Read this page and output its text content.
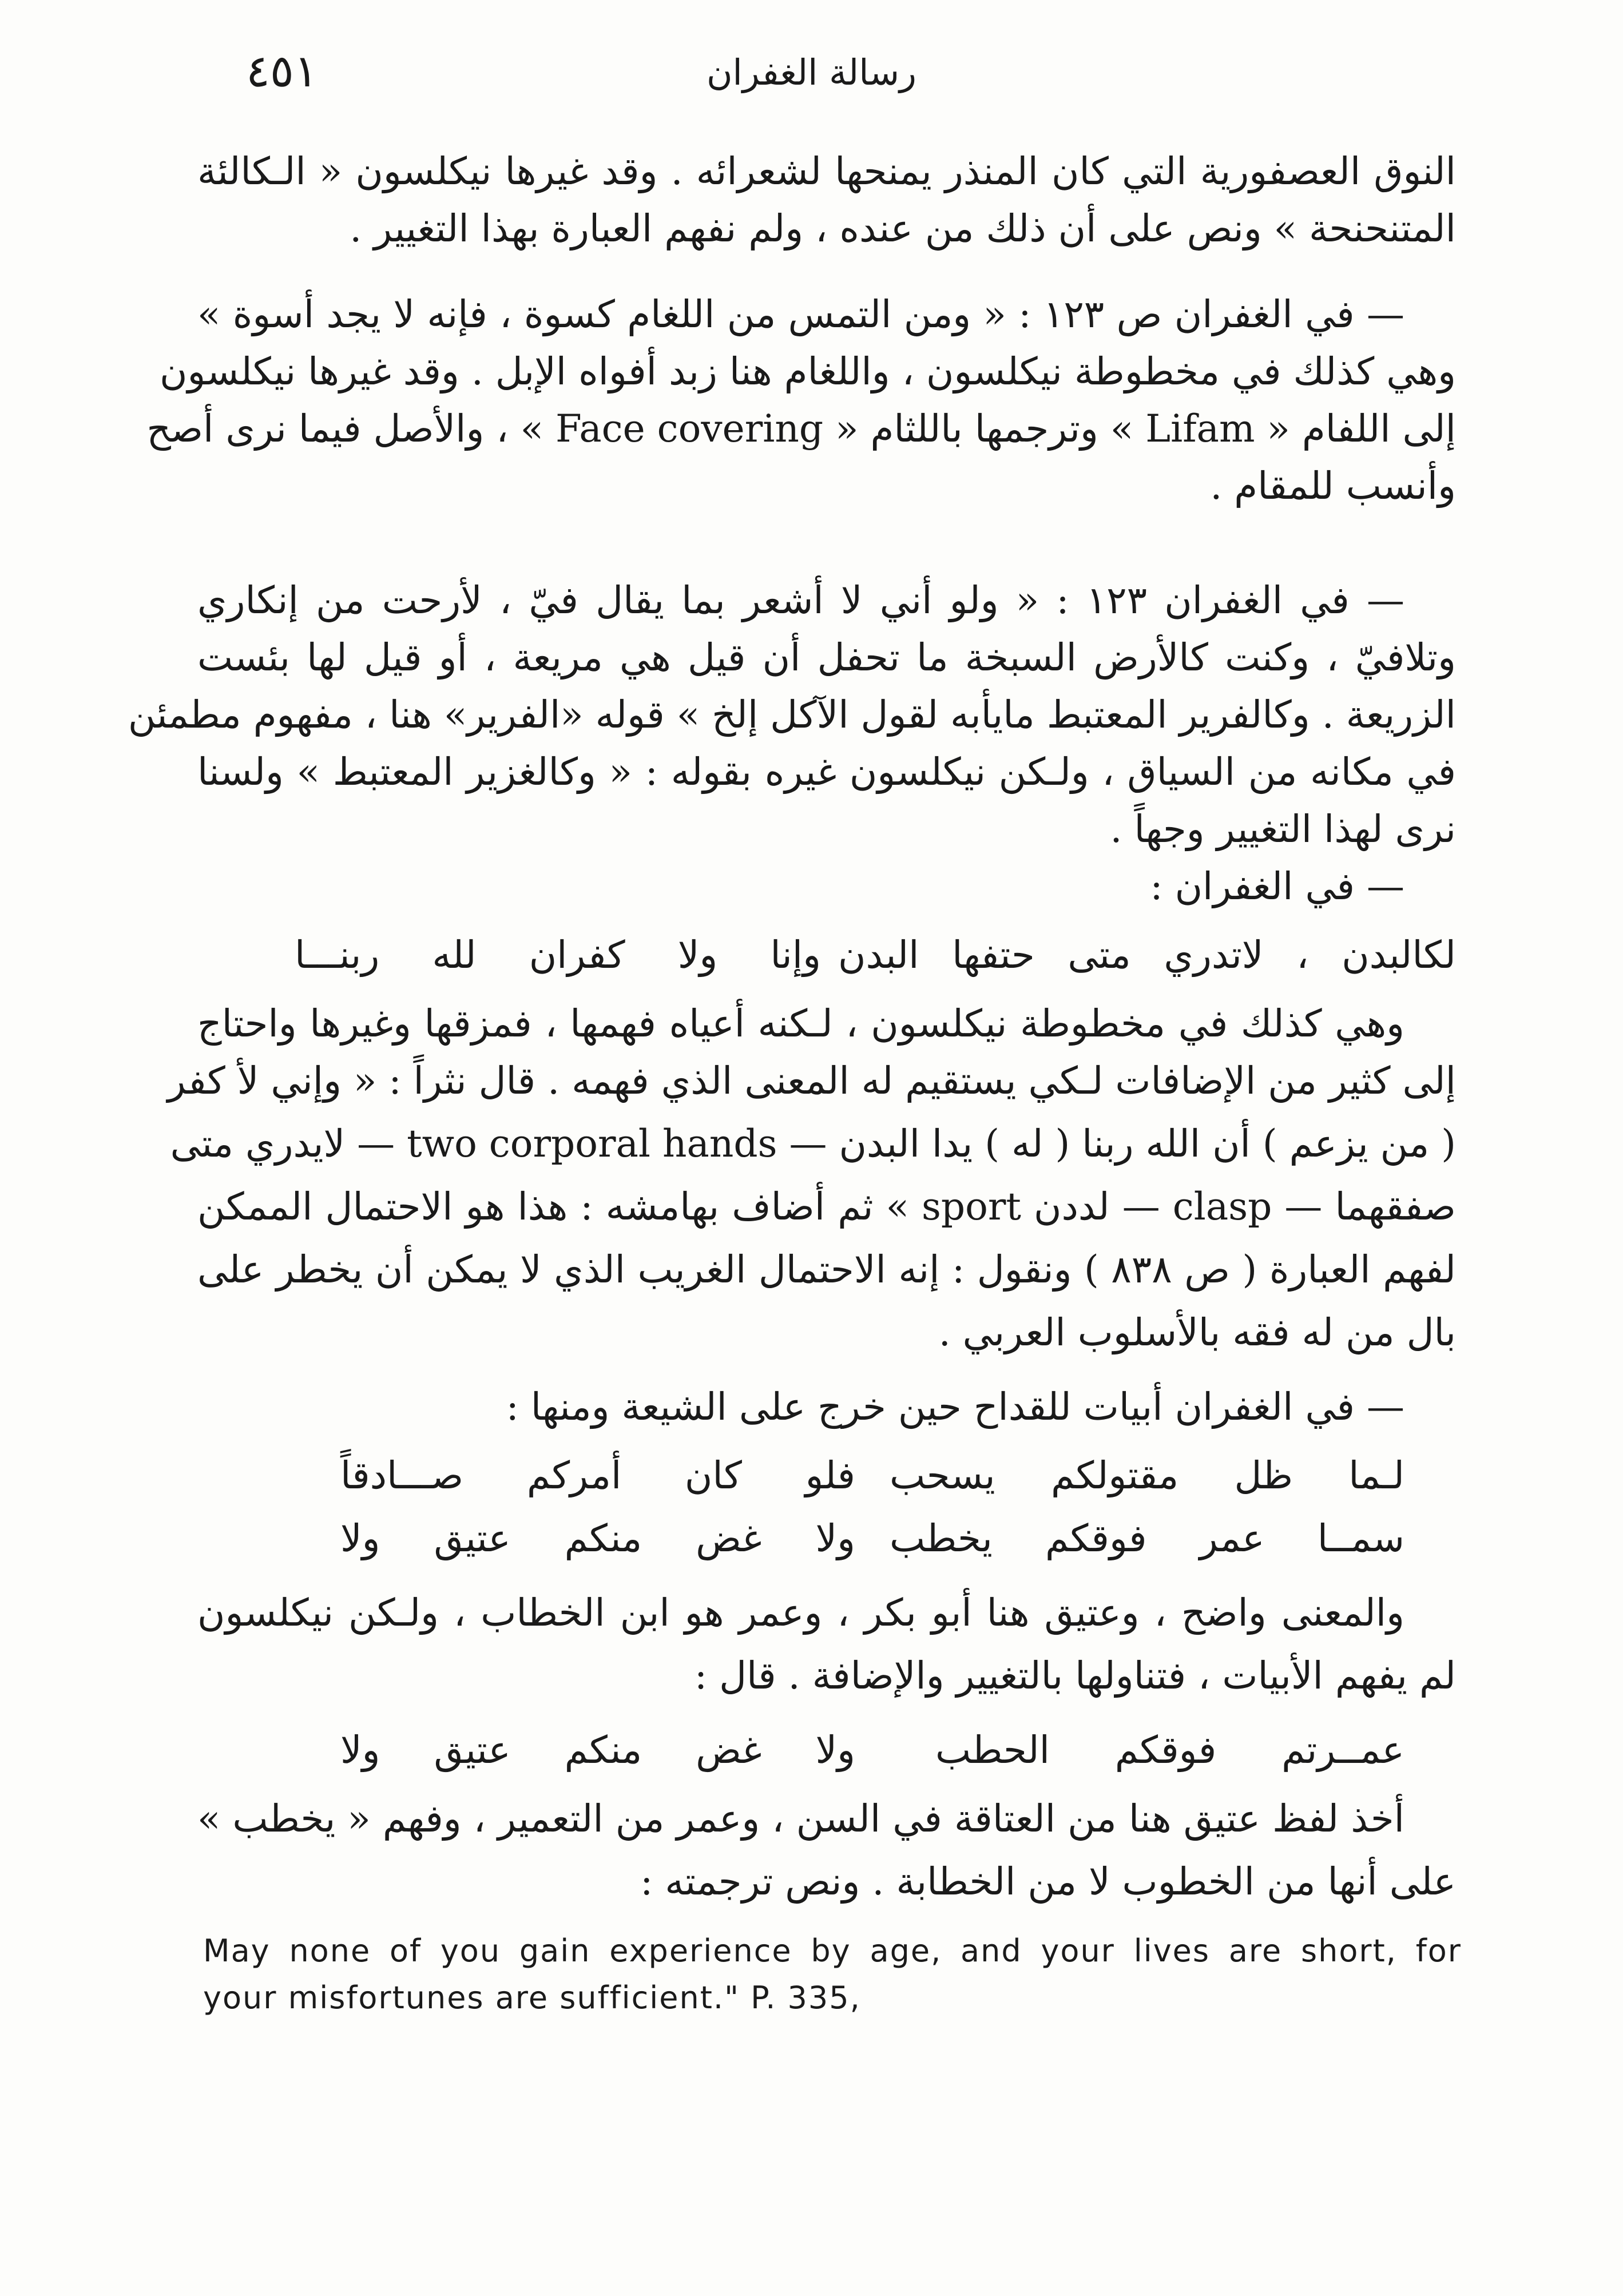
٤٥١	رسالة الغفران
النوق العصفورية التي كان المنذر يمنحها لشعرائه . وقد غيرها نيكلسون « الـكالئة
المتنحنحة » ونص على أن ذلك من عنده ، ولم نفهم العبارة بهذا التغيير .
— في الغفران ص ١٢٣ : « ومن التمس من اللغام كسوة ، فإنه لا يجد أسوة »
وهي كذلك في مخطوطة نيكلسون ، واللغام هنا زبد أفواه الإبل . وقد غيرها نيكلسون
إلى اللفام « Lifam » وترجمها باللثام « Face covering » ، والأصل فيما نرى أصح
وأنسب للمقام .
— في الغفران ١٢٣ : « ولو أني لا أشعر بما يقال فيّ ، لأرحت من إنكاري
وتلافيّ ، وكنت كالأرض السبخة ما تحفل أن قيل هي مريعة ، أو قيل لها بئست
الزريعة . وكالفرير المعتبط مايأبه لقول الآكل إلخ » قوله «الفرير» هنا ، مفهوم مطمئن
في مكانه من السياق ، ولـكن نيكلسون غيره بقوله : « وكالغزير المعتبط » ولسنا
نرى لهذا التغيير وجهاً .
— في الغفران :
وإنا ولا كفران لله ربنـــا لكالبدن ، لاتدري متى حتفها البدن
وهي كذلك في مخطوطة نيكلسون ، لـكنه أعياه فهمها ، فمزقها وغيرها واحتاج
إلى كثير من الإضافات لـكي يستقيم له المعنى الذي فهمه . قال نثراً : « وإني لأ كفر
( من يزعم ) أن الله ربنا ( له ) يدا البدن — two corporal hands — لايدري متى
صفقهما — clasp — لددن sport » ثم أضاف بهامشه : هذا هو الاحتمال الممكن
لفهم العبارة ( ص ٨٣٨ ) ونقول : إنه الاحتمال الغريب الذي لا يمكن أن يخطر على
بال من له فقه بالأسلوب العربي .
— في الغفران أبيات للقداح حين خرج على الشيعة ومنها :
فلو كان أمركم صـــادقاً لـما ظل مقتولكم يسحب
ولا غض منكم عتيق ولا سمــا عمر فوقكم يخطب
والمعنى واضح ، وعتيق هنا أبو بكر ، وعمر هو ابن الخطاب ، ولـكن نيكلسون
لم يفهم الأبيات ، فتناولها بالتغيير والإضافة . قال :
ولا غض منكم عتيق ولا عمــرتم فوقكم الحطب
أخذ لفظ عتيق هنا من العتاقة في السن ، وعمر من التعمير ، وفهم « يخطب »
على أنها من الخطوب لا من الخطابة . ونص ترجمته :
May none of you gain experience by age, and your lives are short, for
your misfortunes are sufficient." P. 335,
